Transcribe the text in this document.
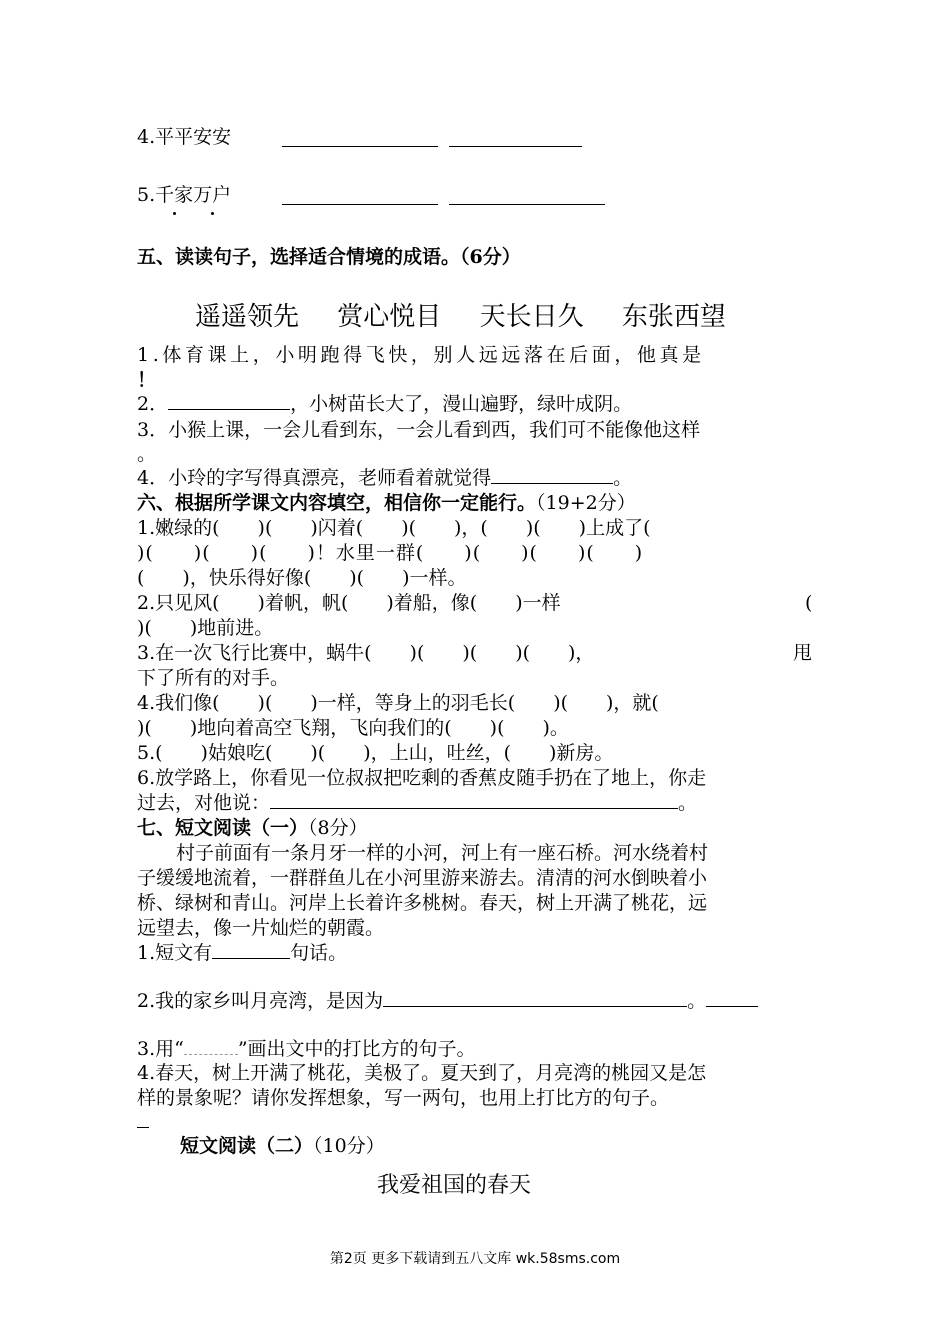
4.平平安安
5.千家万户
五、读读句子，选择适合情境的成语。（6分）
遥遥领先 赏心悦目 天长日久 东张西望
1.体育课上，小明跑得飞快，别人远远落在后面，他真是
！
2．	，小树苗长大了，漫山遍野，绿叶成阴。
3．小猴上课，一会儿看到东，一会儿看到西，我们可不能像他这样
。
4．小玲的字写得真漂亮，老师看着就觉得	。
六、根据所学课文内容填空，相信你一定能行。（19+2分）
1.嫩绿的(　　)(　　)闪着(　　)(　　)，(　　)(　　)上成了(
)(　　)(　　)(　　)！水里一群(　　)(　　)(　　)(　　)
(　　)，快乐得好像(　　)(　　)一样。
2.只见风(　　)着帆，帆(　　)着船，像(　　)一样	(
)(　　)地前进。
3.在一次飞行比赛中，蜗牛(　　)(　　)(　　)(　　)，	甩
下了所有的对手。
4.我们像(　　)(　　)一样，等身上的羽毛长(　　)(　　)，就(
)(　　)地向着高空飞翔，飞向我们的(　　)(　　)。
5.(　　)姑娘吃(　　)(　　)，上山，吐丝，(　　)新房。
6.放学路上，你看见一位叔叔把吃剩的香蕉皮随手扔在了地上，你走
过去，对他说：	。
七、短文阅读（一）（8分）
村子前面有一条月牙一样的小河，河上有一座石桥。河水绕着村
子缓缓地流着，一群群鱼儿在小河里游来游去。清清的河水倒映着小
桥、绿树和青山。河岸上长着许多桃树。春天，树上开满了桃花，远
远望去，像一片灿烂的朝霞。
1.短文有	句话。
2.我的家乡叫月亮湾，是因为	。
3.用“	”画出文中的打比方的句子。
4.春天，树上开满了桃花，美极了。夏天到了，月亮湾的桃园又是怎
样的景象呢？请你发挥想象，写一两句，也用上打比方的句子。
短文阅读（二）（10分）
我爱祖国的春天
第2页 更多下载请到五八文库 wk.58sms.com
